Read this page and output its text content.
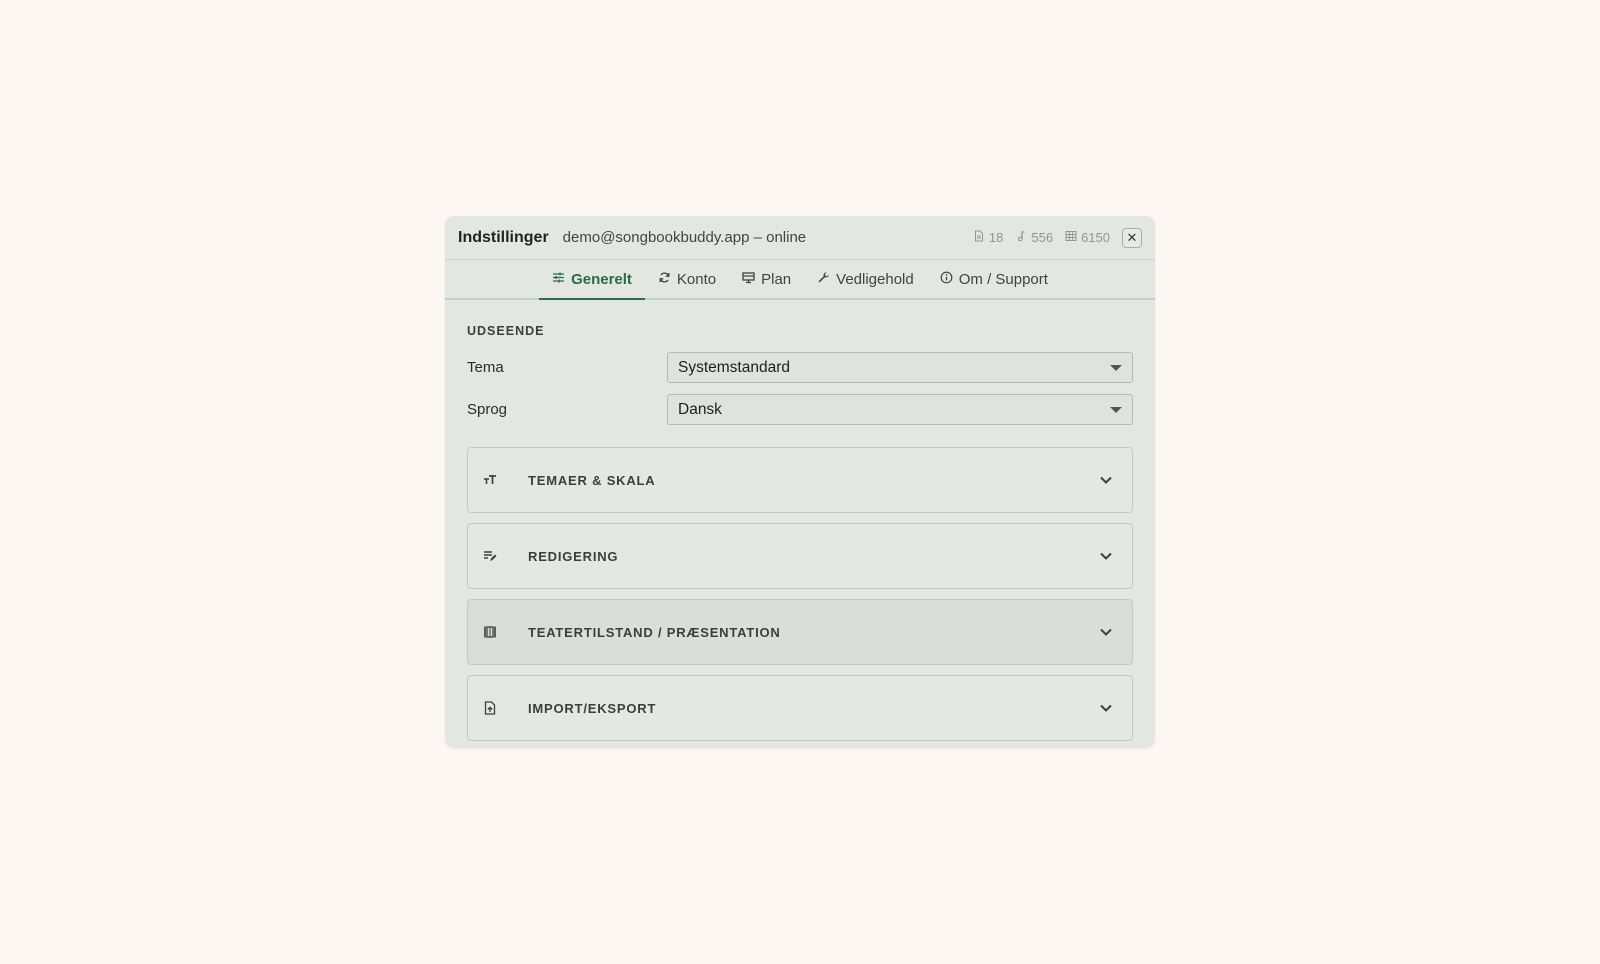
Indstillinger demo@songbookbuddy.app – online	18 556 6150 ✕
Generelt	Konto	Plan	Vedligehold	Om / Support
UDSEENDE
Tema	Systemstandard
Sprog	Dansk
TEMAER & SKALA
REDIGERING
TEATERTILSTAND / PRÆSENTATION
IMPORT/EKSPORT
